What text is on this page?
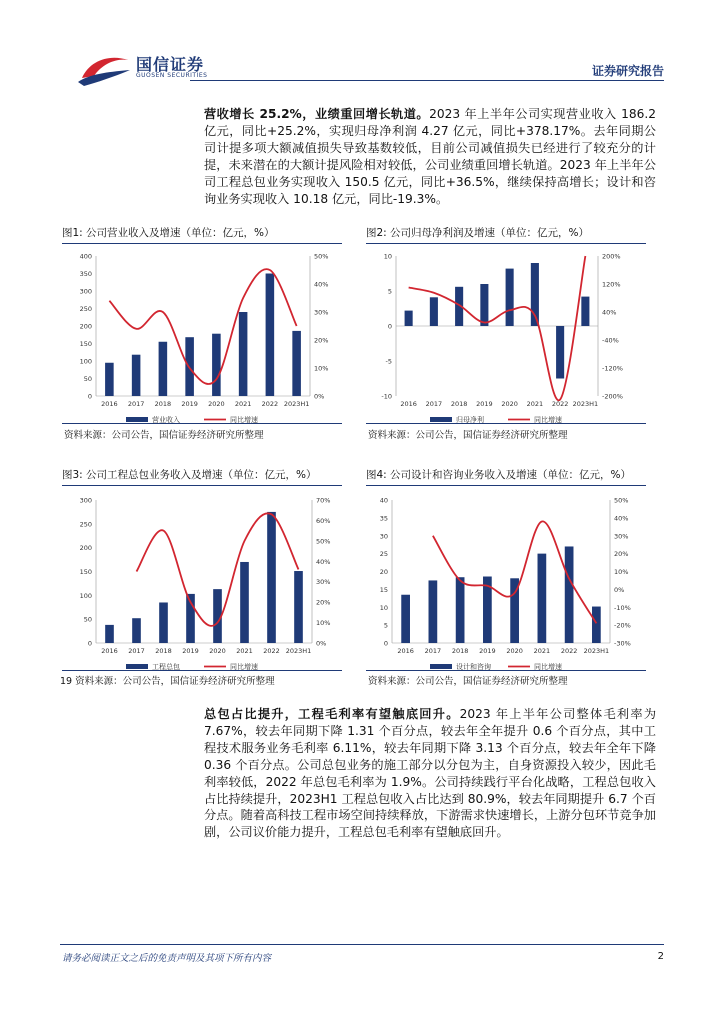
国信证券
GUOSEN SECURITIES	证券研究报告
营收增长 25.2%，业绩重回增长轨道。2023 年上半年公司实现营业收入 186.2 亿元，同比+25.2%，实现归母净利润 4.27 亿元，同比+378.17%。去年同期公司计提多项大额减值损失导致基数较低，目前公司减值损失已经进行了较充分的计提，未来潜在的大额计提风险相对较低，公司业绩重回增长轨道。2023 年上半年公司工程总包业务实现收入 150.5 亿元，同比+36.5%，继续保持高增长；设计和咨询业务实现收入 10.18 亿元，同比-19.3%。
图1: 公司营业收入及增速（单位：亿元，%）
0
50
100
150
200
250
300
350
400
0%
10%
20%
30%
40%
50%
2016 2017 2018 2019 2020 2021 2022 2023H1
营业收入	同比增速
资料来源：公司公告，国信证券经济研究所整理
图2: 公司归母净利润及增速（单位：亿元，%）
-10
-5
0
5
10
-200%
-120%
-40%
40%
120%
200%
2016 2017 2018 2019 2020 2021 2022 2023H1
归母净利	同比增速
资料来源：公司公告，国信证券经济研究所整理
图3: 公司工程总包业务收入及增速（单位：亿元，%）
0
50
100
150
200
250
300
0%
10%
20%
30%
40%
50%
60%
70%
2016 2017 2018 2019 2020 2021 2022 2023H1
工程总包	同比增速
19 资料来源：公司公告，国信证券经济研究所整理
图4: 公司设计和咨询业务收入及增速（单位：亿元，%）
0
5
10
15
20
25
30
35
40
-30%
-20%
-10%
0%
10%
20%
30%
40%
50%
2016 2017 2018 2019 2020 2021 2022 2023H1
设计和咨询	同比增速
资料来源：公司公告，国信证券经济研究所整理
总包占比提升，工程毛利率有望触底回升。2023 年上半年公司整体毛利率为 7.67%，较去年同期下降 1.31 个百分点，较去年全年提升 0.6 个百分点，其中工程技术服务业务毛利率 6.11%，较去年同期下降 3.13 个百分点，较去年全年下降 0.36 个百分点。公司总包业务的施工部分以分包为主，自身资源投入较少，因此毛利率较低，2022 年总包毛利率为 1.9%。公司持续践行平台化战略，工程总包收入占比持续提升，2023H1 工程总包收入占比达到 80.9%，较去年同期提升 6.7 个百分点。随着高科技工程市场空间持续释放，下游需求快速增长，上游分包环节竞争加剧，公司议价能力提升，工程总包毛利率有望触底回升。
请务必阅读正文之后的免责声明及其项下所有内容	2
